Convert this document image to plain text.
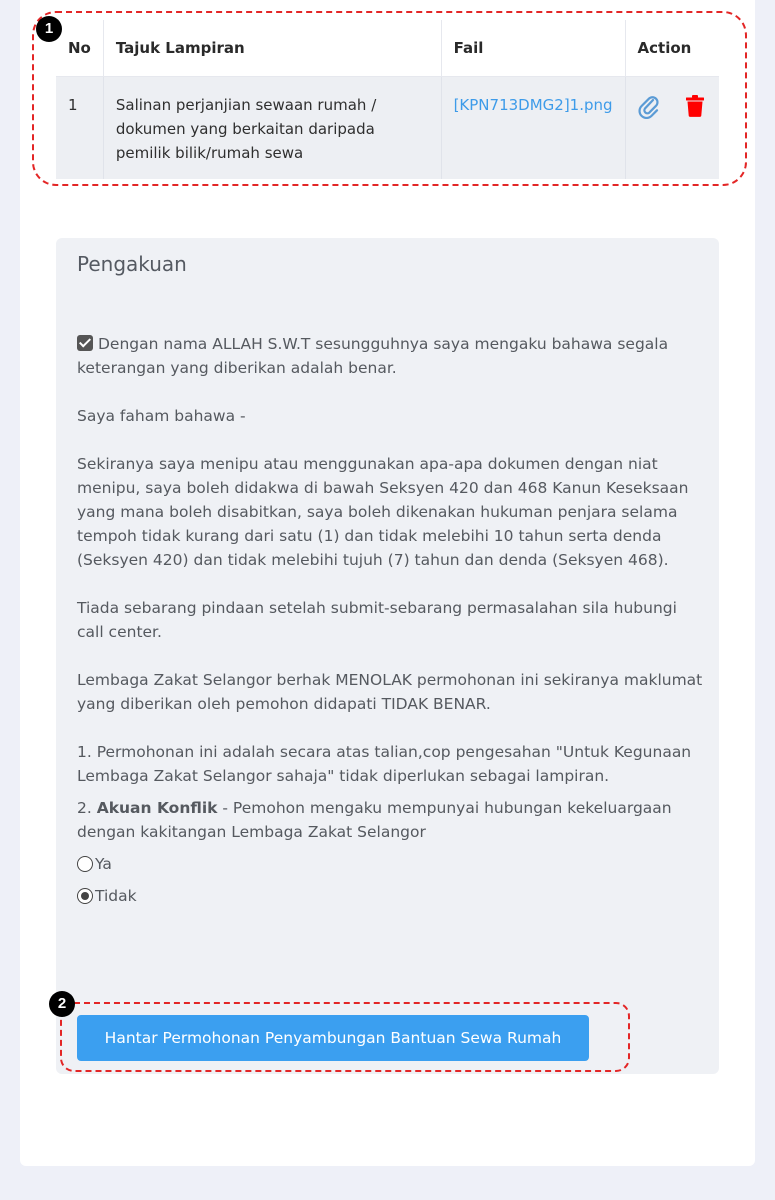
No	Tajuk Lampiran	Fail	Action
1	Salinan perjanjian sewaan rumah / dokumen yang berkaitan daripada pemilik bilik/rumah sewa	[KPN713DMG2]1.png	
1
Pengakuan

Dengan nama ALLAH S.W.T sesungguhnya saya mengaku bahawa segala keterangan yang diberikan adalah benar.

Saya faham bahawa -

Sekiranya saya menipu atau menggunakan apa-apa dokumen dengan niat menipu, saya boleh didakwa di bawah Seksyen 420 dan 468 Kanun Keseksaan yang mana boleh disabitkan, saya boleh dikenakan hukuman penjara selama tempoh tidak kurang dari satu (1) dan tidak melebihi 10 tahun serta denda (Seksyen 420) dan tidak melebihi tujuh (7) tahun dan denda (Seksyen 468).

Tiada sebarang pindaan setelah submit-sebarang permasalahan sila hubungi call center.

Lembaga Zakat Selangor berhak MENOLAK permohonan ini sekiranya maklumat yang diberikan oleh pemohon didapati TIDAK BENAR.

1. Permohonan ini adalah secara atas talian,cop pengesahan "Untuk Kegunaan Lembaga Zakat Selangor sahaja" tidak diperlukan sebagai lampiran.

2. Akuan Konflik - Pemohon mengaku mempunyai hubungan kekeluargaan dengan kakitangan Lembaga Zakat Selangor

Ya
Tidak
Hantar Permohonan Penyambungan Bantuan Sewa Rumah
2
